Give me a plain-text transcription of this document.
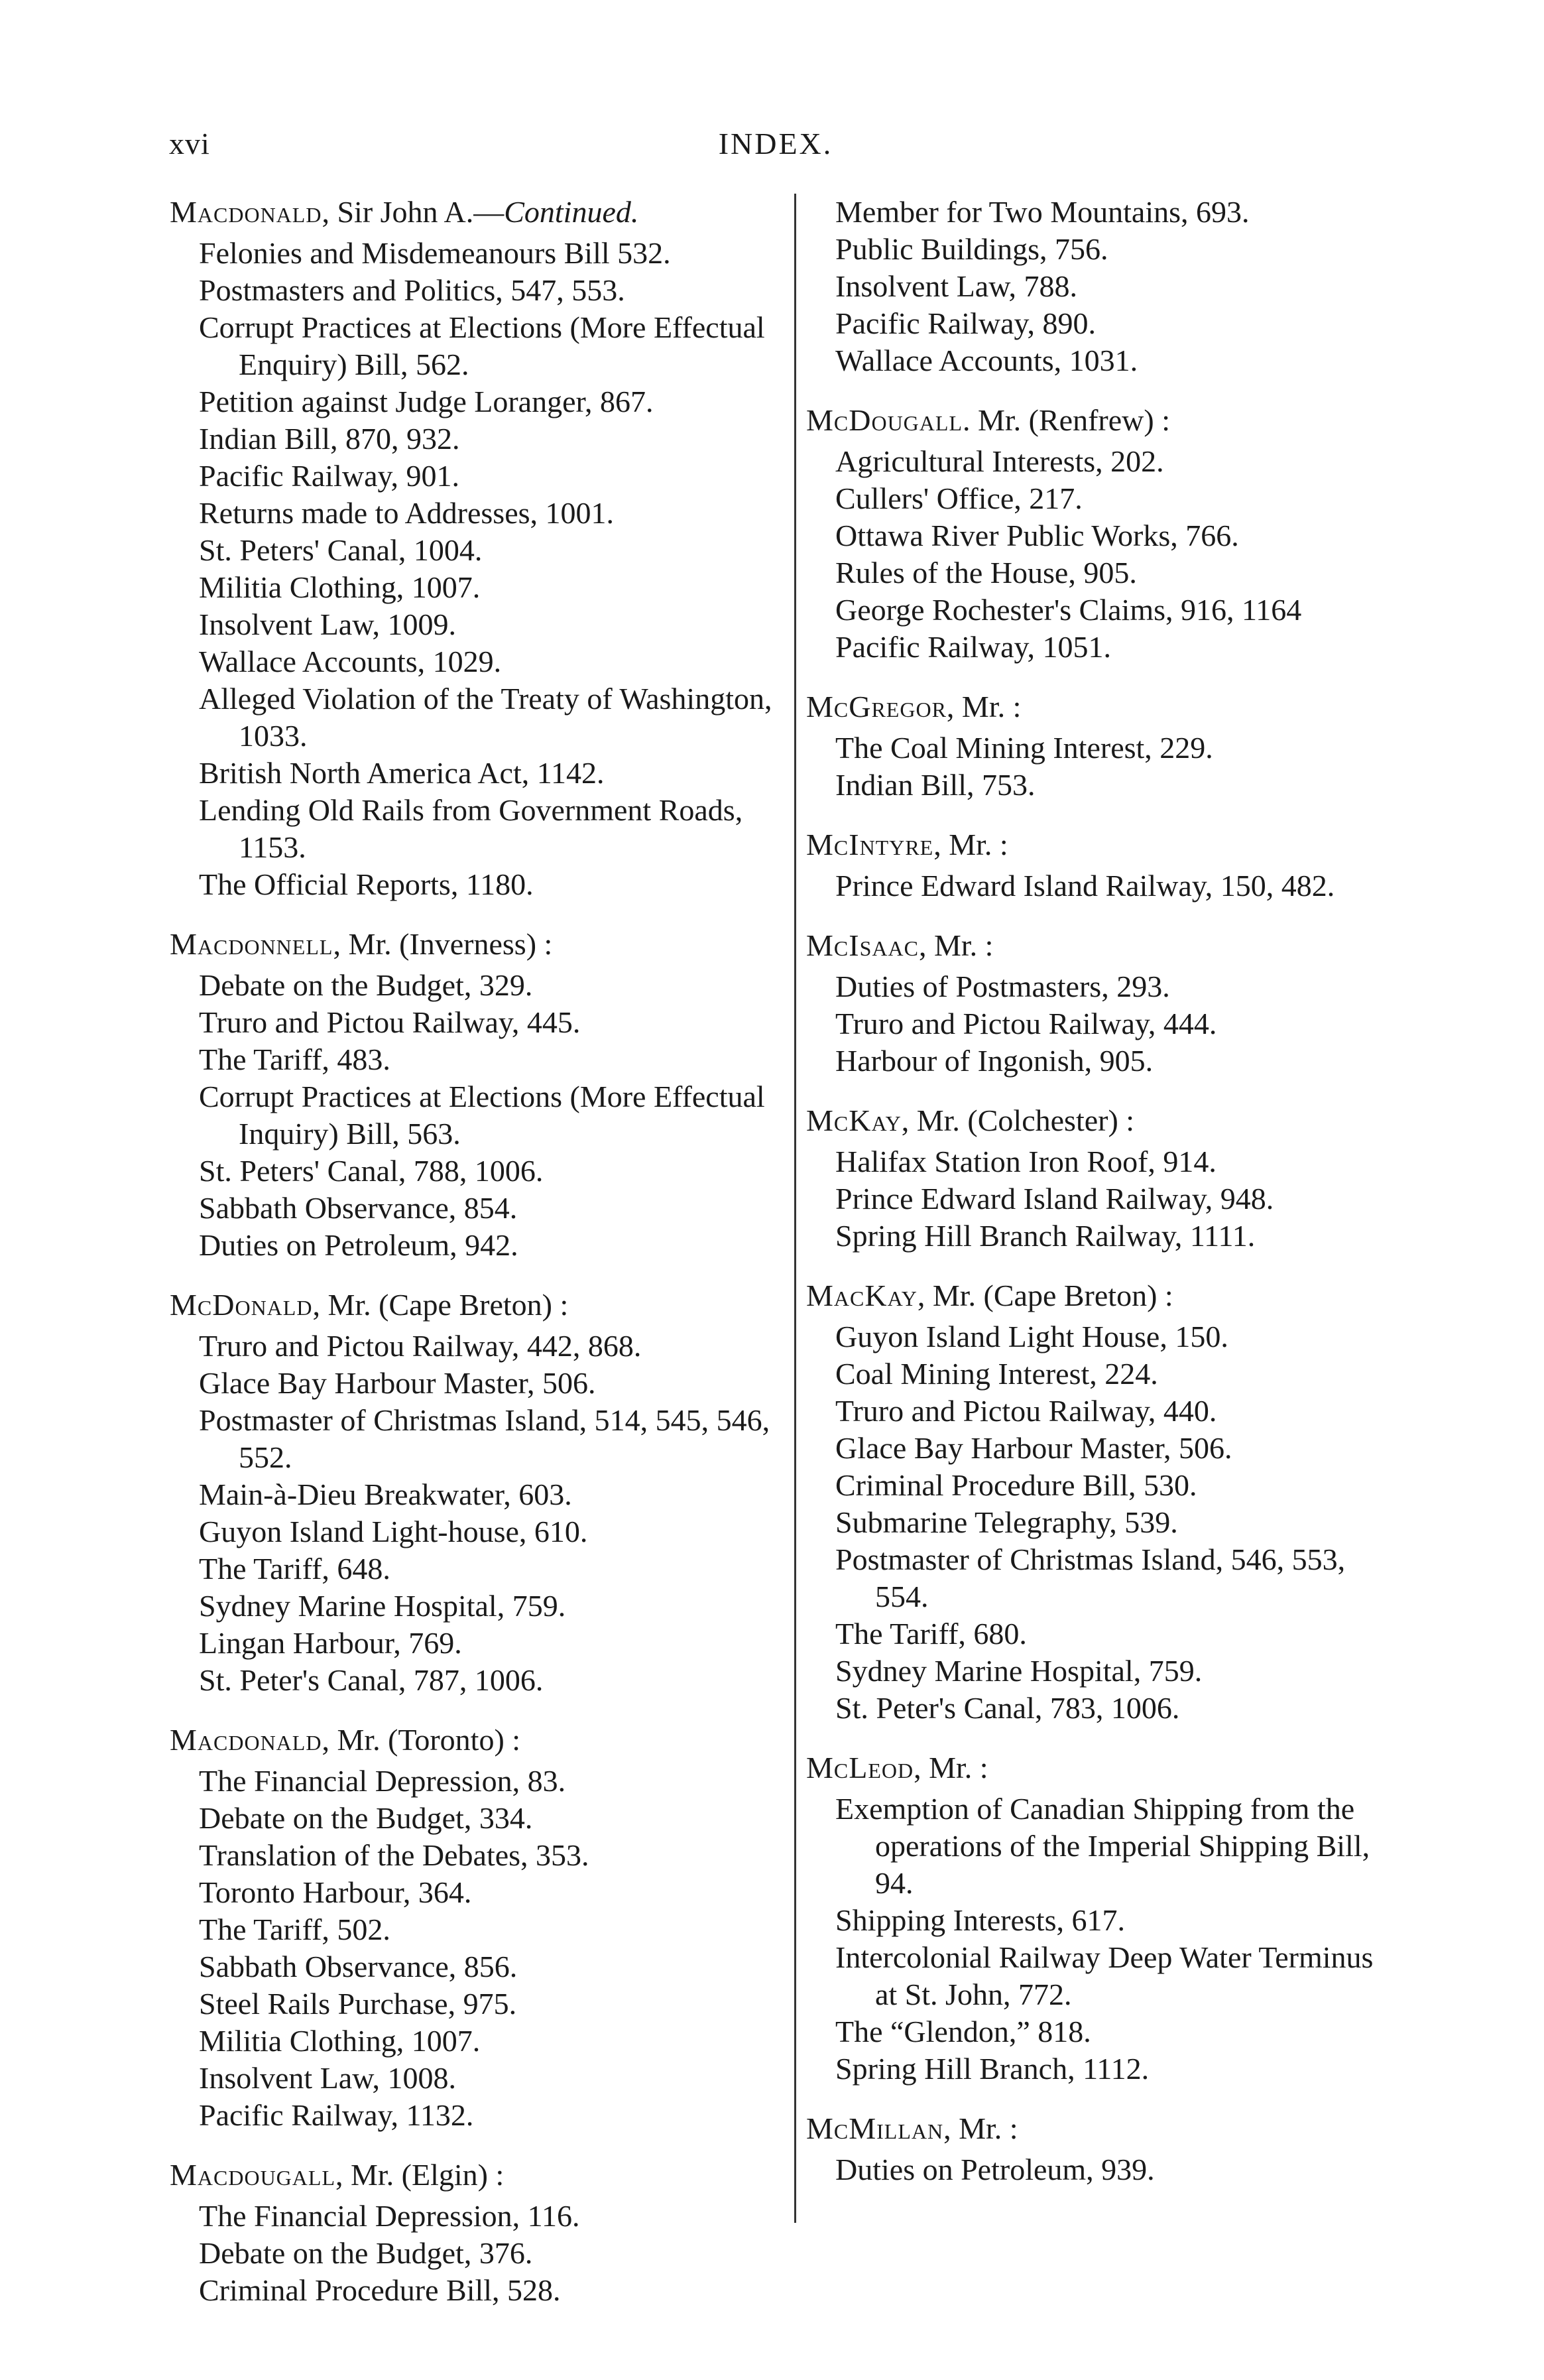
xvi	INDEX.
Macdonald, Sir John A.—Continued.
Felonies and Misdemeanours Bill 532.
Postmasters and Politics, 547, 553.
Corrupt Practices at Elections (More Effectual Enquiry) Bill, 562.
Petition against Judge Loranger, 867.
Indian Bill, 870, 932.
Pacific Railway, 901.
Returns made to Addresses, 1001.
St. Peters' Canal, 1004.
Militia Clothing, 1007.
Insolvent Law, 1009.
Wallace Accounts, 1029.
Alleged Violation of the Treaty of Washington, 1033.
British North America Act, 1142.
Lending Old Rails from Government Roads, 1153.
The Official Reports, 1180.
Macdonnell, Mr. (Inverness) :
Debate on the Budget, 329.
Truro and Pictou Railway, 445.
The Tariff, 483.
Corrupt Practices at Elections (More Effectual Inquiry) Bill, 563.
St. Peters' Canal, 788, 1006.
Sabbath Observance, 854.
Duties on Petroleum, 942.
McDonald, Mr. (Cape Breton) :
Truro and Pictou Railway, 442, 868.
Glace Bay Harbour Master, 506.
Postmaster of Christmas Island, 514, 545, 546, 552.
Main-à-Dieu Breakwater, 603.
Guyon Island Light-house, 610.
The Tariff, 648.
Sydney Marine Hospital, 759.
Lingan Harbour, 769.
St. Peter's Canal, 787, 1006.
Macdonald, Mr. (Toronto) :
The Financial Depression, 83.
Debate on the Budget, 334.
Translation of the Debates, 353.
Toronto Harbour, 364.
The Tariff, 502.
Sabbath Observance, 856.
Steel Rails Purchase, 975.
Militia Clothing, 1007.
Insolvent Law, 1008.
Pacific Railway, 1132.
Macdougall, Mr. (Elgin) :
The Financial Depression, 116.
Debate on the Budget, 376.
Criminal Procedure Bill, 528.
Member for Two Mountains, 693.
Public Buildings, 756.
Insolvent Law, 788.
Pacific Railway, 890.
Wallace Accounts, 1031.
McDougall. Mr. (Renfrew) :
Agricultural Interests, 202.
Cullers' Office, 217.
Ottawa River Public Works, 766.
Rules of the House, 905.
George Rochester's Claims, 916, 1164
Pacific Railway, 1051.
McGregor, Mr. :
The Coal Mining Interest, 229.
Indian Bill, 753.
McIntyre, Mr. :
Prince Edward Island Railway, 150, 482.
McIsaac, Mr. :
Duties of Postmasters, 293.
Truro and Pictou Railway, 444.
Harbour of Ingonish, 905.
McKay, Mr. (Colchester) :
Halifax Station Iron Roof, 914.
Prince Edward Island Railway, 948.
Spring Hill Branch Railway, 1111.
MacKay, Mr. (Cape Breton) :
Guyon Island Light House, 150.
Coal Mining Interest, 224.
Truro and Pictou Railway, 440.
Glace Bay Harbour Master, 506.
Criminal Procedure Bill, 530.
Submarine Telegraphy, 539.
Postmaster of Christmas Island, 546, 553, 554.
The Tariff, 680.
Sydney Marine Hospital, 759.
St. Peter's Canal, 783, 1006.
McLeod, Mr. :
Exemption of Canadian Shipping from the operations of the Imperial Shipping Bill, 94.
Shipping Interests, 617.
Intercolonial Railway Deep Water Terminus at St. John, 772.
The “Glendon,” 818.
Spring Hill Branch, 1112.
McMillan, Mr. :
Duties on Petroleum, 939.
